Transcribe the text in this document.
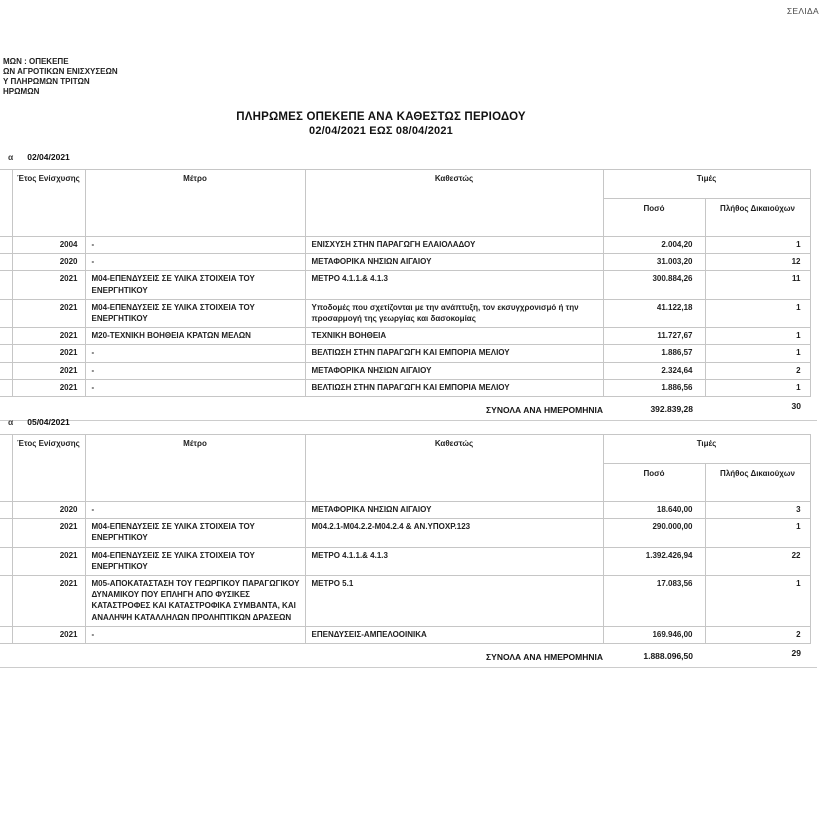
ΣΕΛΙΔΑ
ΜΩΝ : ΟΠΕΚΕΠΕ
ΩΝ ΑΓΡΟΤΙΚΩΝ ΕΝΙΣΧΥΣΕΩΝ
Υ ΠΛΗΡΩΜΩΝ ΤΡΙΤΩΝ
ΗΡΩΜΩΝ
ΠΛΗΡΩΜΕΣ ΟΠΕΚΕΠΕ ΑΝΑ ΚΑΘΕΣΤΩΣ ΠΕΡΙΟΔΟΥ
02/04/2021 ΕΩΣ 08/04/2021
α 02/04/2021
	Έτος Ενίσχυσης	Μέτρο	Καθεστώς	Τιμές	
				Ποσό	Πλήθος Δικαιούχων
	2004	-	ΕΝΙΣΧΥΣΗ ΣΤΗΝ ΠΑΡΑΓΩΓΗ ΕΛΑΙΟΛΑΔΟΥ	2.004,20	1
	2020	-	ΜΕΤΑΦΟΡΙΚΑ ΝΗΣΙΩΝ ΑΙΓΑΙΟΥ	31.003,20	12
	2021	M04-ΕΠΕΝΔΥΣΕΙΣ ΣΕ ΥΛΙΚΑ ΣΤΟΙΧΕΙΑ ΤΟΥ ΕΝΕΡΓΗΤΙΚΟΥ	ΜΕΤΡΟ 4.1.1.& 4.1.3	300.884,26	11
	2021	M04-ΕΠΕΝΔΥΣΕΙΣ ΣΕ ΥΛΙΚΑ ΣΤΟΙΧΕΙΑ ΤΟΥ ΕΝΕΡΓΗΤΙΚΟΥ	Υποδομές που σχετίζονται με την ανάπτυξη, τον εκσυγχρονισμό ή την προσαρμογή της γεωργίας και δασοκομίας	41.122,18	1
	2021	M20-ΤΕΧΝΙΚΗ ΒΟΗΘΕΙΑ ΚΡΑΤΩΝ ΜΕΛΩΝ	ΤΕΧΝΙΚΗ ΒΟΗΘΕΙΑ	11.727,67	1
	2021	-	ΒΕΛΤΙΩΣΗ ΣΤΗΝ ΠΑΡΑΓΩΓΗ ΚΑΙ ΕΜΠΟΡΙΑ ΜΕΛΙΟΥ	1.886,57	1
	2021	-	ΜΕΤΑΦΟΡΙΚΑ ΝΗΣΙΩΝ ΑΙΓΑΙΟΥ	2.324,64	2
	2021	-	ΒΕΛΤΙΩΣΗ ΣΤΗΝ ΠΑΡΑΓΩΓΗ ΚΑΙ ΕΜΠΟΡΙΑ ΜΕΛΙΟΥ	1.886,56	1
ΣΥΝΟΛΑ ΑΝΑ ΗΜΕΡΟΜΗΝΙΑ	392.839,28	30
α 05/04/2021
	Έτος Ενίσχυσης	Μέτρο	Καθεστώς	Τιμές	
				Ποσό	Πλήθος Δικαιούχων
	2020	-	ΜΕΤΑΦΟΡΙΚΑ ΝΗΣΙΩΝ ΑΙΓΑΙΟΥ	18.640,00	3
	2021	M04-ΕΠΕΝΔΥΣΕΙΣ ΣΕ ΥΛΙΚΑ ΣΤΟΙΧΕΙΑ ΤΟΥ ΕΝΕΡΓΗΤΙΚΟΥ	M04.2.1-M04.2.2-M04.2.4 & ΑΝ.ΥΠΟΧΡ.123	290.000,00	1
	2021	M04-ΕΠΕΝΔΥΣΕΙΣ ΣΕ ΥΛΙΚΑ ΣΤΟΙΧΕΙΑ ΤΟΥ ΕΝΕΡΓΗΤΙΚΟΥ	ΜΕΤΡΟ 4.1.1.& 4.1.3	1.392.426,94	22
	2021	M05-ΑΠΟΚΑΤΑΣΤΑΣΗ ΤΟΥ ΓΕΩΡΓΙΚΟΥ ΠΑΡΑΓΩΓΙΚΟΥ ΔΥΝΑΜΙΚΟΥ ΠΟΥ ΕΠΛΗΓΗ ΑΠΟ ΦΥΣΙΚΕΣ ΚΑΤΑΣΤΡΟΦΕΣ ΚΑΙ ΚΑΤΑΣΤΡΟΦΙΚΑ ΣΥΜΒΑΝΤΑ, ΚΑΙ ΑΝΑΛΗΨΗ ΚΑΤΑΛΛΗΛΩΝ ΠΡΟΛΗΠΤΙΚΩΝ ΔΡΑΣΕΩΝ	ΜΕΤΡΟ 5.1	17.083,56	1
	2021	-	ΕΠΕΝΔΥΣΕΙΣ-ΑΜΠΕΛΟΟΙΝΙΚΑ	169.946,00	2
ΣΥΝΟΛΑ ΑΝΑ ΗΜΕΡΟΜΗΝΙΑ	1.888.096,50	29
